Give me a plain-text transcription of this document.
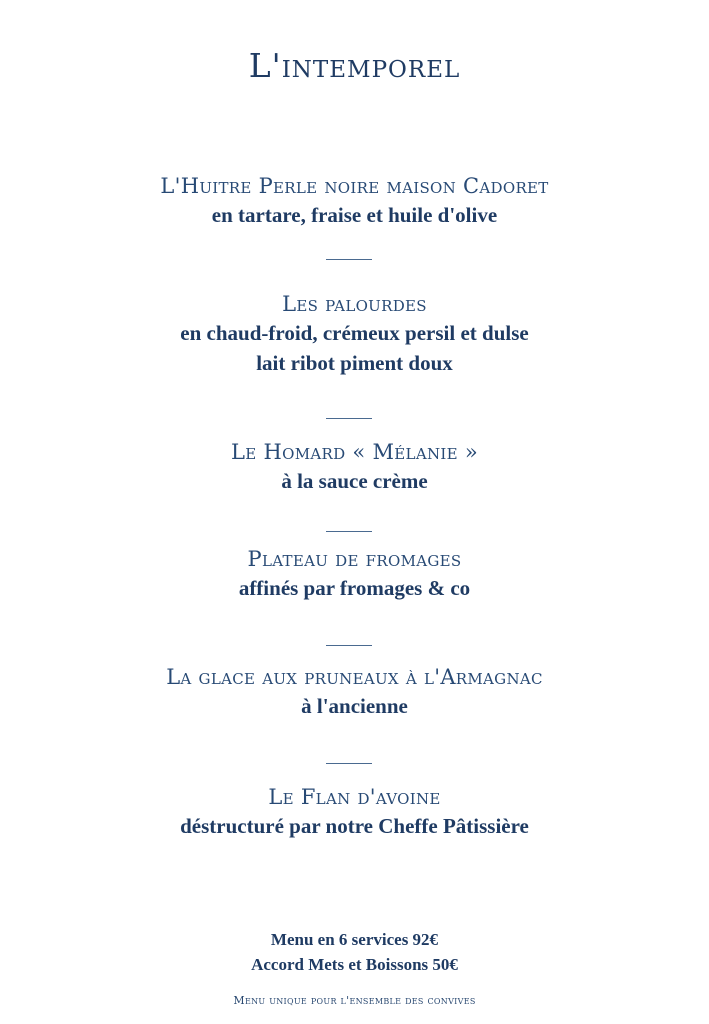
L'intemporel
L'Huitre Perle noire maison Cadoret
en tartare, fraise et huile d'olive
Les palourdes
en chaud-froid, crémeux persil et dulse
lait ribot piment doux
Le Homard « Mélanie »
à la sauce crème
Plateau de fromages
affinés par fromages & co
La glace aux pruneaux à l'Armagnac
à l'ancienne
Le Flan d'avoine
déstructuré par notre Cheffe Pâtissière
Menu en 6 services 92€
Accord Mets et Boissons 50€
Menu unique pour l'ensemble des convives
